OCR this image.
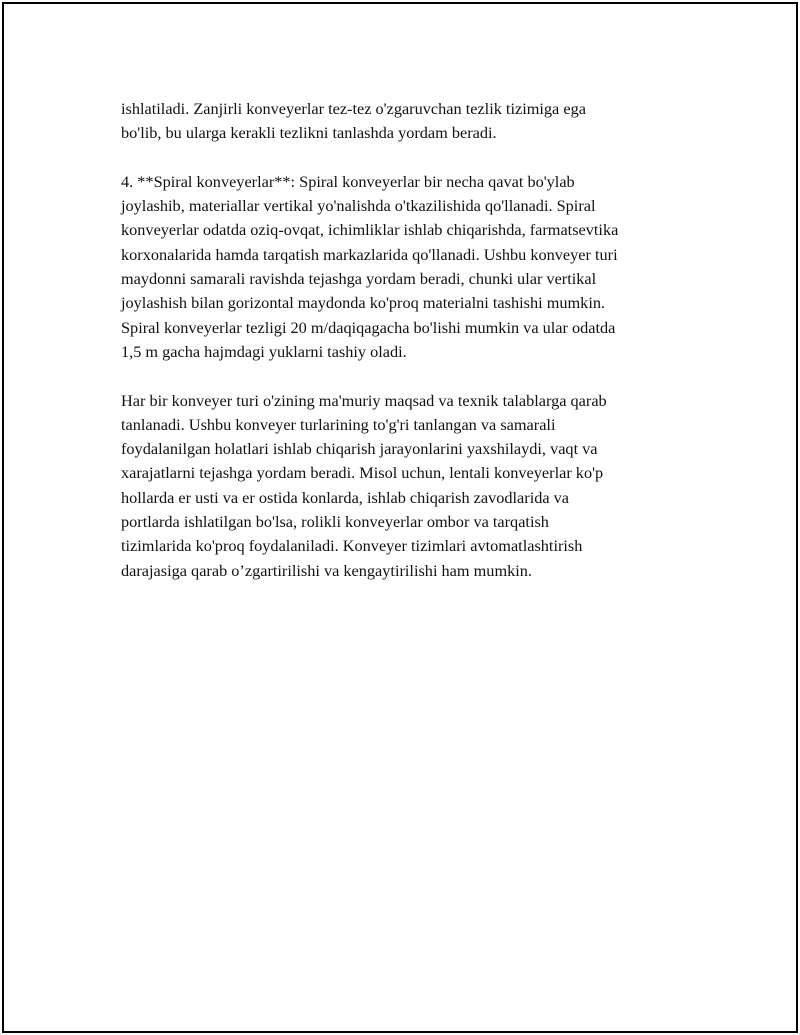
ishlatiladi. Zanjirli konveyerlar tez-tez o'zgaruvchan tezlik tizimiga ega
bo'lib, bu ularga kerakli tezlikni tanlashda yordam beradi.

4. **Spiral konveyerlar**: Spiral konveyerlar bir necha qavat bo'ylab
joylashib, materiallar vertikal yo'nalishda o'tkazilishida qo'llanadi. Spiral
konveyerlar odatda oziq-ovqat, ichimliklar ishlab chiqarishda, farmatsevtika
korxonalarida hamda tarqatish markazlarida qo'llanadi. Ushbu konveyer turi
maydonni samarali ravishda tejashga yordam beradi, chunki ular vertikal
joylashish bilan gorizontal maydonda ko'proq materialni tashishi mumkin.
Spiral konveyerlar tezligi 20 m/daqiqagacha bo'lishi mumkin va ular odatda
1,5 m gacha hajmdagi yuklarni tashiy oladi.

Har bir konveyer turi o'zining ma'muriy maqsad va texnik talablarga qarab
tanlanadi. Ushbu konveyer turlarining to'g'ri tanlangan va samarali
foydalanilgan holatlari ishlab chiqarish jarayonlarini yaxshilaydi, vaqt va
xarajatlarni tejashga yordam beradi. Misol uchun, lentali konveyerlar ko'p
hollarda er usti va er ostida konlarda, ishlab chiqarish zavodlarida va
portlarda ishlatilgan bo'lsa, rolikli konveyerlar ombor va tarqatish
tizimlarida ko'proq foydalaniladi. Konveyer tizimlari avtomatlashtirish
darajasiga qarab o’zgartirilishi va kengaytirilishi ham mumkin.
